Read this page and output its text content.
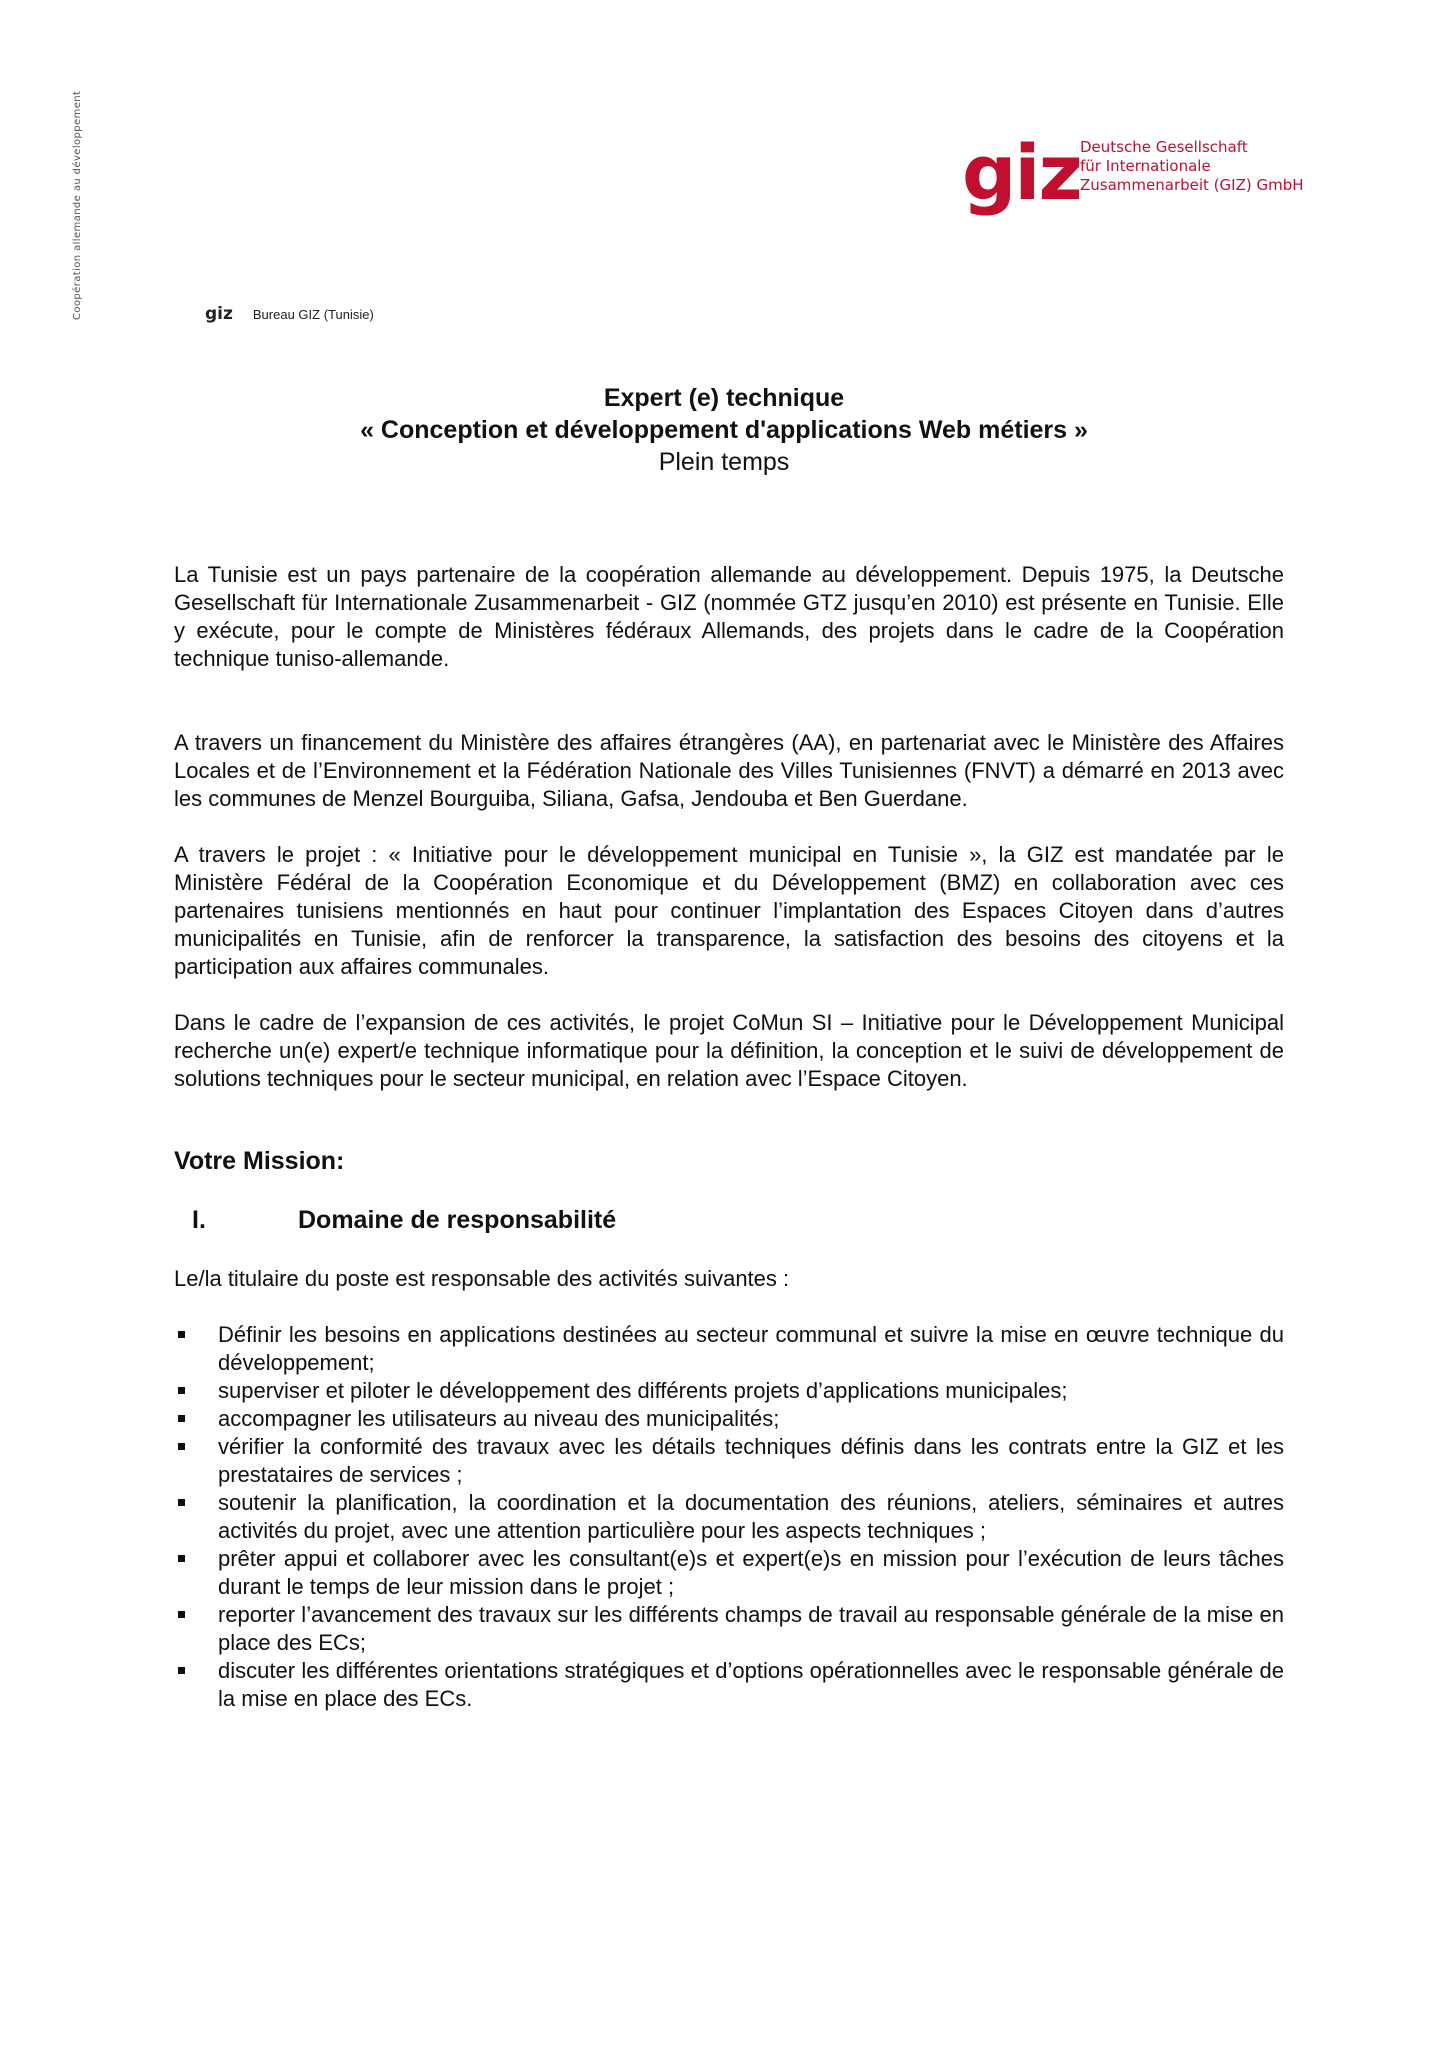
Coopération allemande au développement	giz Deutsche Gesellschaft
für Internationale
Zusammenarbeit (GIZ) GmbH
giz Bureau GIZ (Tunisie)
Expert (e) technique
« Conception et développement d'applications Web métiers »
Plein temps

La Tunisie est un pays partenaire de la coopération allemande au développement. Depuis 1975, la Deutsche Gesellschaft für Internationale Zusammenarbeit - GIZ (nommée GTZ jusqu’en 2010) est présente en Tunisie. Elle y exécute, pour le compte de Ministères fédéraux Allemands, des projets dans le cadre de la Coopération technique tuniso-allemande.

A travers un financement du Ministère des affaires étrangères (AA), en partenariat avec le Ministère des Affaires Locales et de l’Environnement et la Fédération Nationale des Villes Tunisiennes (FNVT) a démarré en 2013 avec les communes de Menzel Bourguiba, Siliana, Gafsa, Jendouba et Ben Guerdane.

A travers le projet : « Initiative pour le développement municipal en Tunisie », la GIZ est mandatée par le Ministère Fédéral de la Coopération Economique et du Développement (BMZ) en collaboration avec ces partenaires tunisiens mentionnés en haut pour continuer l’implantation des Espaces Citoyen dans d’autres municipalités en Tunisie, afin de renforcer la transparence, la satisfaction des besoins des citoyens et la participation aux affaires communales.

Dans le cadre de l’expansion de ces activités, le projet CoMun SI – Initiative pour le Développement Municipal recherche un(e) expert/e technique informatique pour la définition, la conception et le suivi de développement de solutions techniques pour le secteur municipal, en relation avec l’Espace Citoyen.

Votre Mission:
I.	Domaine de responsabilité

Le/la titulaire du poste est responsable des activités suivantes :

Définir les besoins en applications destinées au secteur communal et suivre la mise en œuvre technique du développement;
superviser et piloter le développement des différents projets d’applications municipales;
accompagner les utilisateurs au niveau des municipalités;
vérifier la conformité des travaux avec les détails techniques définis dans les contrats entre la GIZ et les prestataires de services ;
soutenir la planification, la coordination et la documentation des réunions, ateliers, séminaires et autres activités du projet, avec une attention particulière pour les aspects techniques ;
prêter appui et collaborer avec les consultant(e)s et expert(e)s en mission pour l’exécution de leurs tâches durant le temps de leur mission dans le projet ;
reporter l’avancement des travaux sur les différents champs de travail au responsable générale de la mise en place des ECs;
discuter les différentes orientations stratégiques et d’options opérationnelles avec le responsable générale de la mise en place des ECs.
